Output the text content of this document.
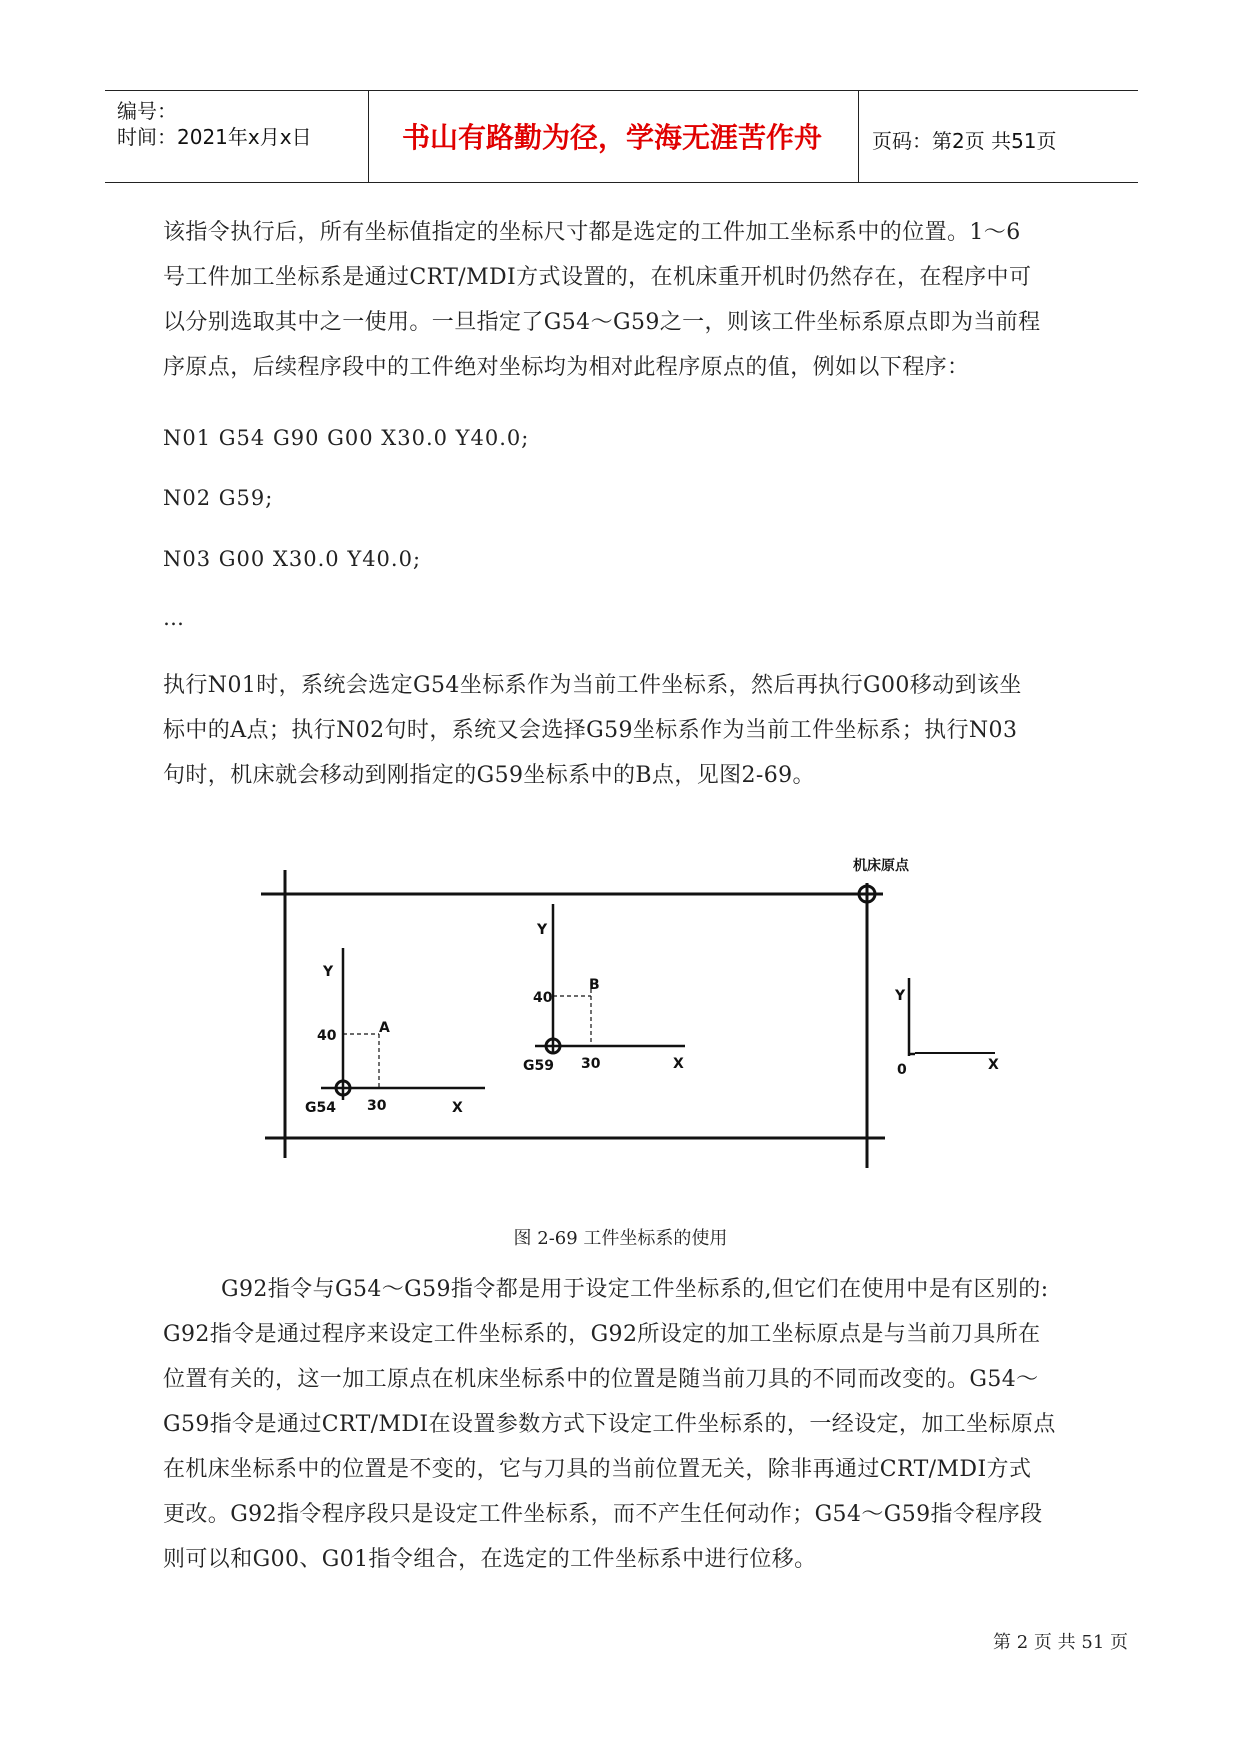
编号：
时间：2021年x月x日	书山有路勤为径，学海无涯苦作舟	页码：第2页 共51页
该指令执行后，所有坐标值指定的坐标尺寸都是选定的工件加工坐标系中的位置。1～6
号工件加工坐标系是通过CRT/MDI方式设置的，在机床重开机时仍然存在，在程序中可
以分别选取其中之一使用。一旦指定了G54～G59之一，则该工件坐标系原点即为当前程
序原点，后续程序段中的工件绝对坐标均为相对此程序原点的值，例如以下程序：
N01 G54 G90 G00 X30.0 Y40.0;
N02 G59;
N03 G00 X30.0 Y40.0;
…
执行N01时，系统会选定G54坐标系作为当前工件坐标系，然后再执行G00移动到该坐
标中的A点；执行N02句时，系统又会选择G59坐标系作为当前工件坐标系；执行N03
句时，机床就会移动到刚指定的G59坐标系中的B点，见图2-69。
机床原点
Y
40	A
30	X
G54
Y
40
B
30	X
G59
Y
0	X
图 2-69 工件坐标系的使用
G92指令与G54～G59指令都是用于设定工件坐标系的,但它们在使用中是有区别的:
G92指令是通过程序来设定工件坐标系的，G92所设定的加工坐标原点是与当前刀具所在
位置有关的，这一加工原点在机床坐标系中的位置是随当前刀具的不同而改变的。G54～
G59指令是通过CRT/MDI在设置参数方式下设定工件坐标系的，一经设定，加工坐标原点
在机床坐标系中的位置是不变的，它与刀具的当前位置无关，除非再通过CRT/MDI方式
更改。G92指令程序段只是设定工件坐标系，而不产生任何动作；G54～G59指令程序段
则可以和G00、G01指令组合，在选定的工件坐标系中进行位移。
第 2 页 共 51 页
